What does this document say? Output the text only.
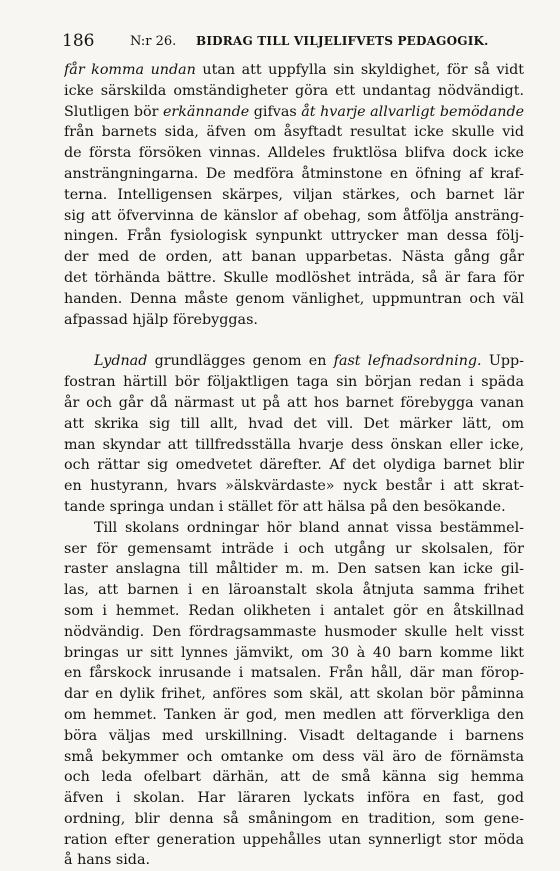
186	N:r 26. BIDRAG TILL VILJELIFVETS PEDAGOGIK.
får komma undan utan att uppfylla sin skyldighet, för så vidt
icke särskilda omständigheter göra ett undantag nödvändigt.
Slutligen bör erkännande gifvas åt hvarje allvarligt bemödande
från barnets sida, äfven om åsyftadt resultat icke skulle vid
de första försöken vinnas. Alldeles fruktlösa blifva dock icke
ansträngningarna. De medföra åtminstone en öfning af kraf-
terna. Intelligensen skärpes, viljan stärkes, och barnet lär
sig att öfvervinna de känslor af obehag, som åtfölja ansträng-
ningen. Från fysiologisk synpunkt uttrycker man dessa följ-
der med de orden, att banan upparbetas. Nästa gång går
det törhända bättre. Skulle modlöshet inträda, så är fara för
handen. Denna måste genom vänlighet, uppmuntran och väl
afpassad hjälp förebyggas.
Lydnad grundlägges genom en fast lefnadsordning. Upp-
fostran härtill bör följaktligen taga sin början redan i späda
år och går då närmast ut på att hos barnet förebygga vanan
att skrika sig till allt, hvad det vill. Det märker lätt, om
man skyndar att tillfredsställa hvarje dess önskan eller icke,
och rättar sig omedvetet därefter. Af det olydiga barnet blir
en hustyrann, hvars »älskvärdaste» nyck består i att skrat-
tande springa undan i stället för att hälsa på den besökande.
Till skolans ordningar hör bland annat vissa bestämmel-
ser för gemensamt inträde i och utgång ur skolsalen, för
raster anslagna till måltider m. m. Den satsen kan icke gil-
las, att barnen i en läroanstalt skola åtnjuta samma frihet
som i hemmet. Redan olikheten i antalet gör en åtskillnad
nödvändig. Den fördragsammaste husmoder skulle helt visst
bringas ur sitt lynnes jämvikt, om 30 à 40 barn komme likt
en fårskock inrusande i matsalen. Från håll, där man förор-
dar en dylik frihet, anföres som skäl, att skolan bör påminna
om hemmet. Tanken är god, men medlen att förverkliga den
böra väljas med urskillning. Visadt deltagande i barnens
små bekymmer och omtanke om dess väl äro de förnämsta
och leda ofelbart därhän, att de små känna sig hemma
äfven i skolan. Har läraren lyckats införa en fast, god
ordning, blir denna så småningom en tradition, som gene-
ration efter generation uppehålles utan synnerligt stor möda
å hans sida.
